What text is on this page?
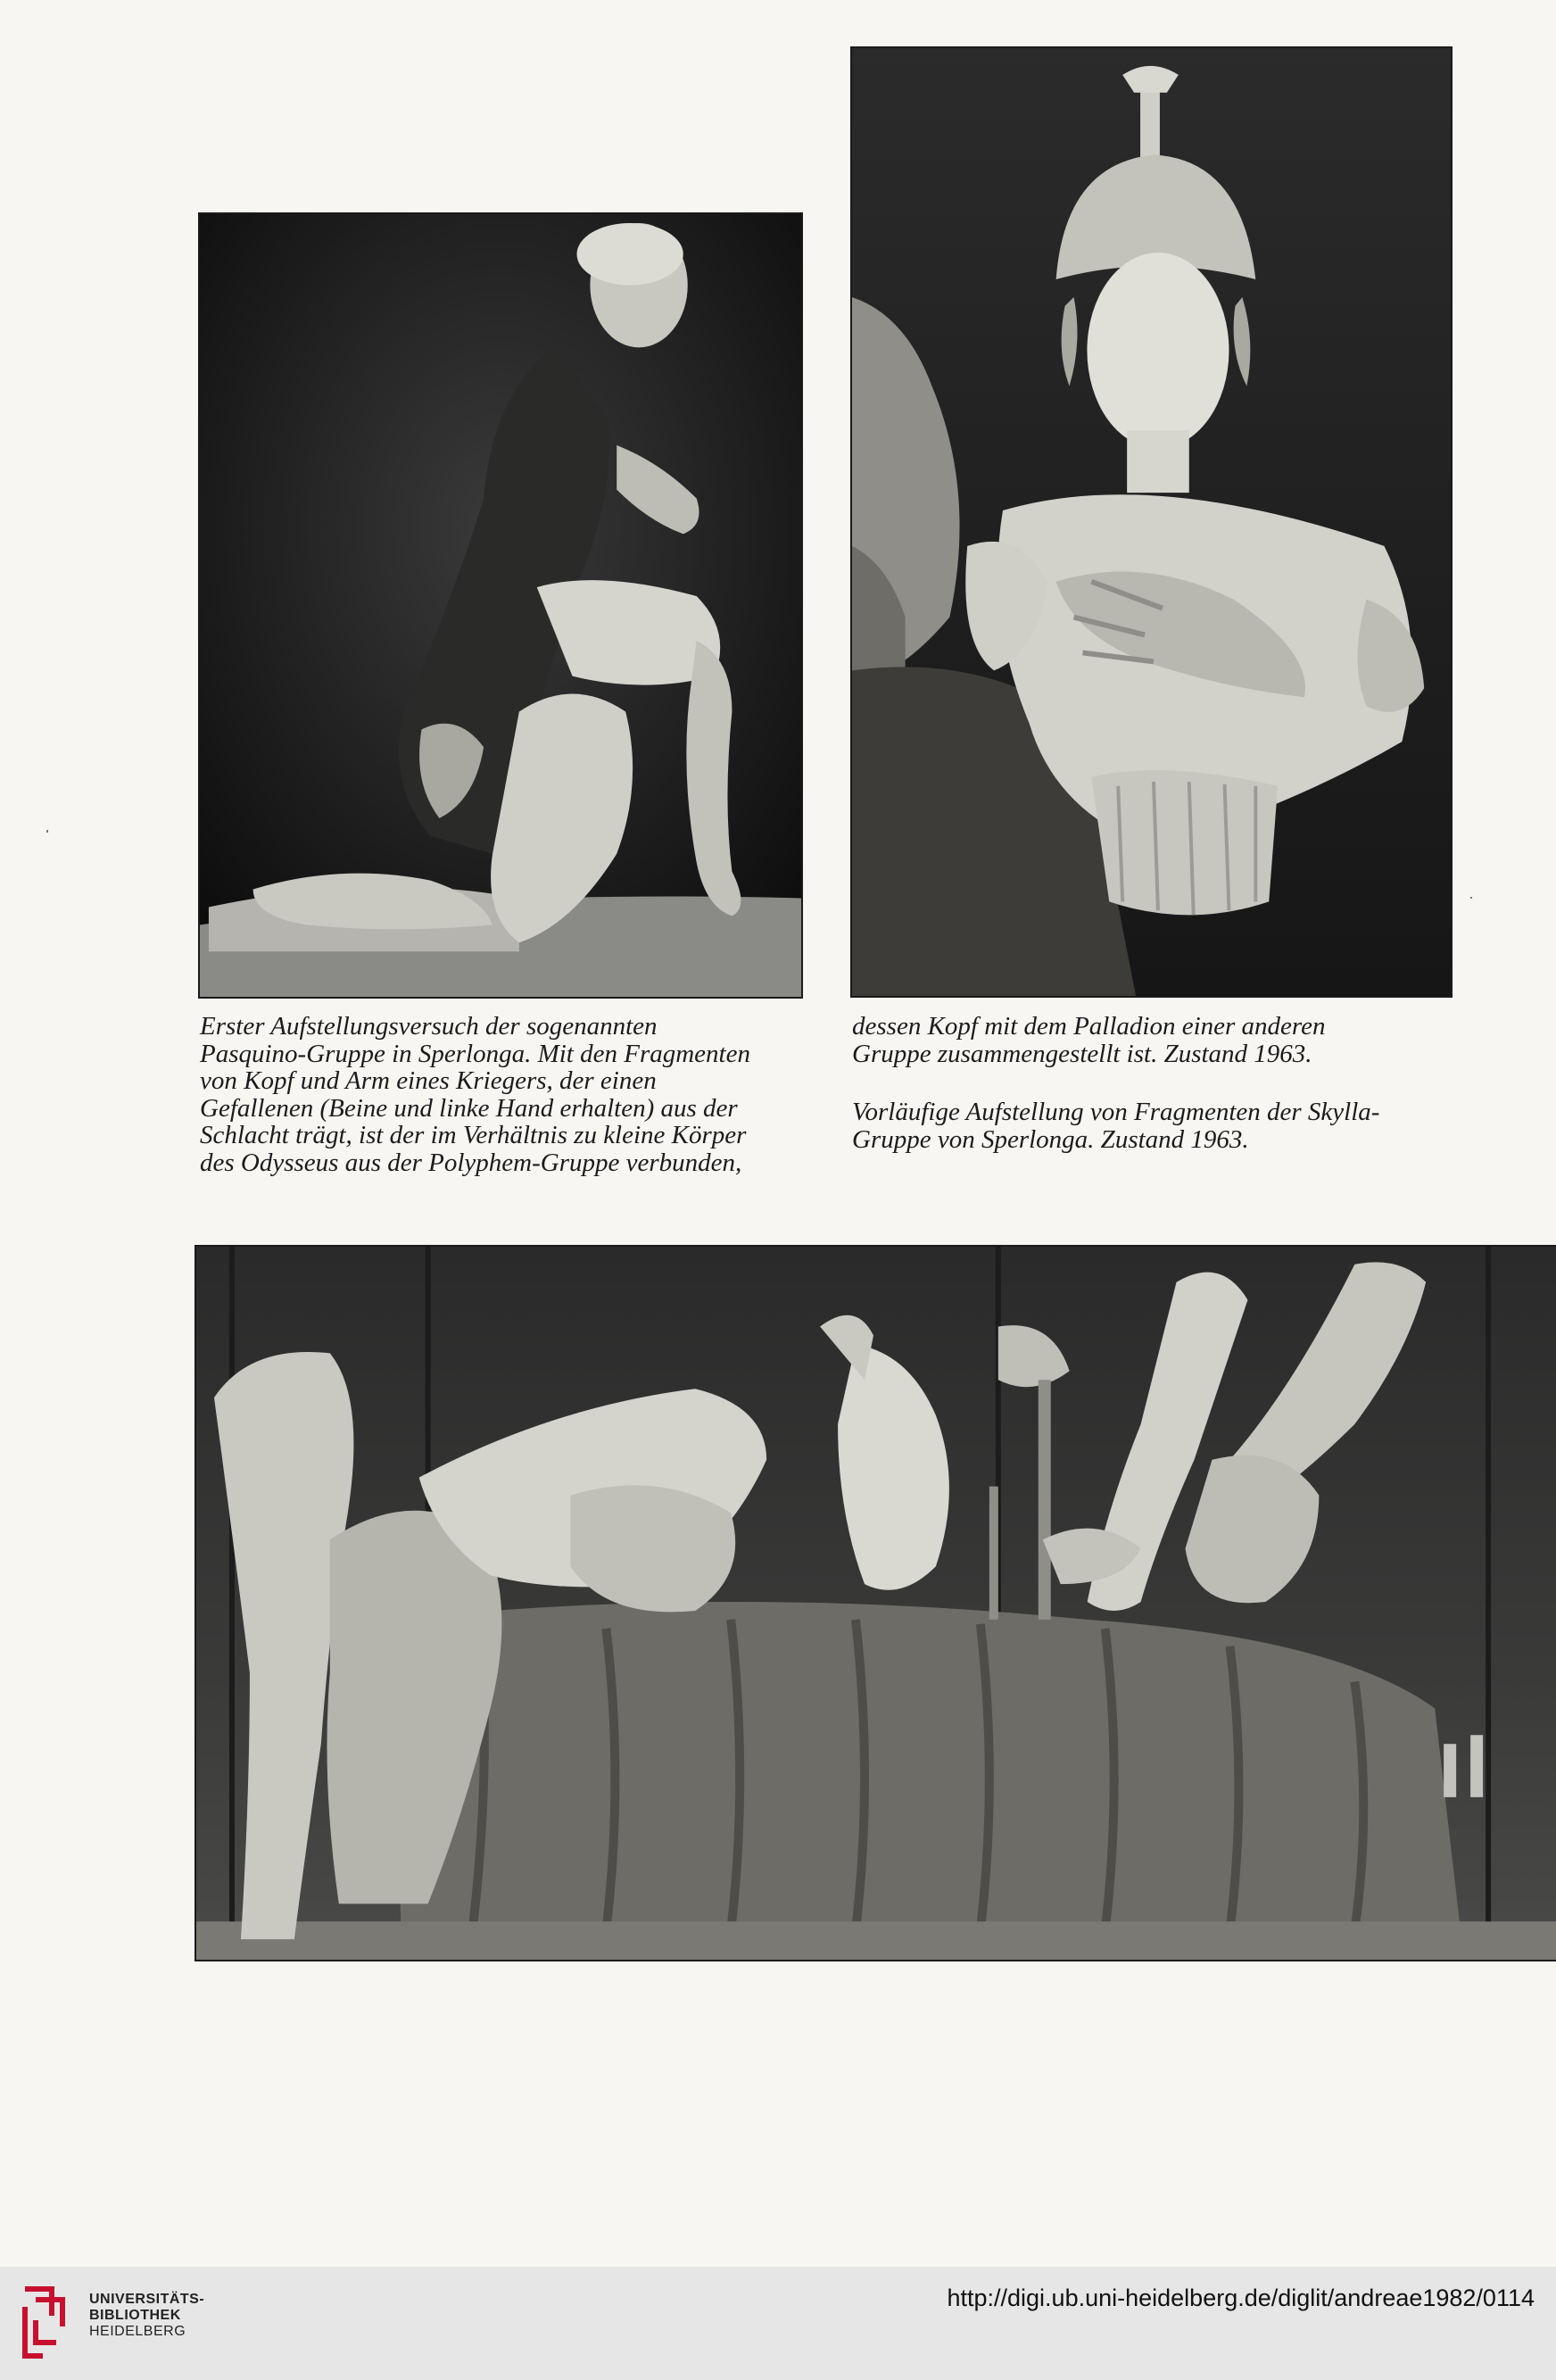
Erster Aufstellungsversuch der sogenannten
Pasquino-Gruppe in Sperlonga. Mit den Fragmenten
von Kopf und Arm eines Kriegers, der einen
Gefallenen (Beine und linke Hand erhalten) aus der
Schlacht trägt, ist der im Verhältnis zu kleine Körper
des Odysseus aus der Polyphem-Gruppe verbunden,
dessen Kopf mit dem Palladion einer anderen
Gruppe zusammengestellt ist. Zustand 1963.
Vorläufige Aufstellung von Fragmenten der Skylla-
Gruppe von Sperlonga. Zustand 1963.
UNIVERSITÄTS-
BIBLIOTHEK
HEIDELBERG
http://digi.ub.uni-heidelberg.de/diglit/andreae1982/0114
